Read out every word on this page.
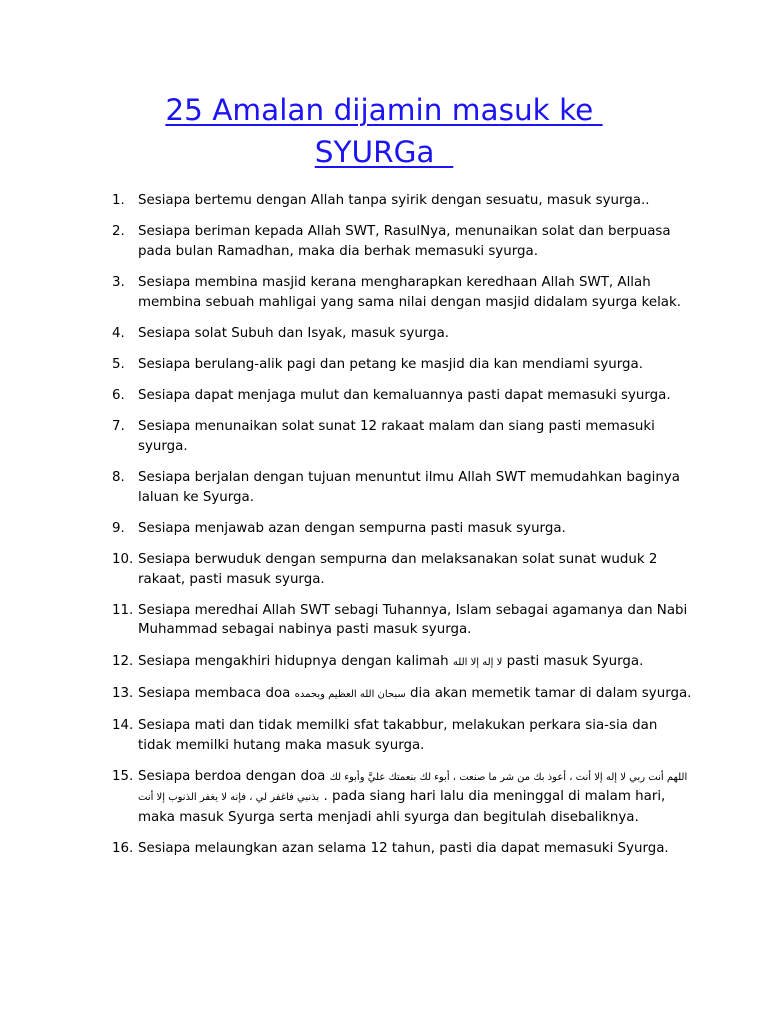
25 Amalan dijamin masuk ke
SYURGa
1. Sesiapa bertemu dengan Allah tanpa syirik dengan sesuatu, masuk syurga..
2. Sesiapa beriman kepada Allah SWT, RasulNya, menunaikan solat dan berpuasa pada bulan Ramadhan, maka dia berhak memasuki syurga.
3. Sesiapa membina masjid kerana mengharapkan keredhaan Allah SWT, Allah membina sebuah mahligai yang sama nilai dengan masjid didalam syurga kelak.
4. Sesiapa solat Subuh dan Isyak, masuk syurga.
5. Sesiapa berulang-alik pagi dan petang ke masjid dia kan mendiami syurga.
6. Sesiapa dapat menjaga mulut dan kemaluannya pasti dapat memasuki syurga.
7. Sesiapa menunaikan solat sunat 12 rakaat malam dan siang pasti memasuki syurga.
8. Sesiapa berjalan dengan tujuan menuntut ilmu Allah SWT memudahkan baginya laluan ke Syurga.
9. Sesiapa menjawab azan dengan sempurna pasti masuk syurga.
10. Sesiapa berwuduk dengan sempurna dan melaksanakan solat sunat wuduk 2 rakaat, pasti masuk syurga.
11. Sesiapa meredhai Allah SWT sebagi Tuhannya, Islam sebagai agamanya dan Nabi Muhammad sebagai nabinya pasti masuk syurga.
12. Sesiapa mengakhiri hidupnya dengan kalimah لا إله إلا الله pasti masuk Syurga.
13. Sesiapa membaca doa سبحان الله العظيم وبحمده dia akan memetik tamar di dalam syurga.
14. Sesiapa mati dan tidak memilki sfat takabbur, melakukan perkara sia-sia dan tidak memilki hutang maka masuk syurga.
15. Sesiapa berdoa dengan doa اللهم أنت ربي لا إله إلا أنت ، أعوذ بك من شر ما صنعت ، أبوء لك بنعمتك عليَّ وأبوء لك بذنبي فاغفر لي ، فإنه لا يغفر الذنوب إلا أنت . pada siang hari lalu dia meninggal di malam hari, maka masuk Syurga serta menjadi ahli syurga dan begitulah disebaliknya.
16. Sesiapa melaungkan azan selama 12 tahun, pasti dia dapat memasuki Syurga.
